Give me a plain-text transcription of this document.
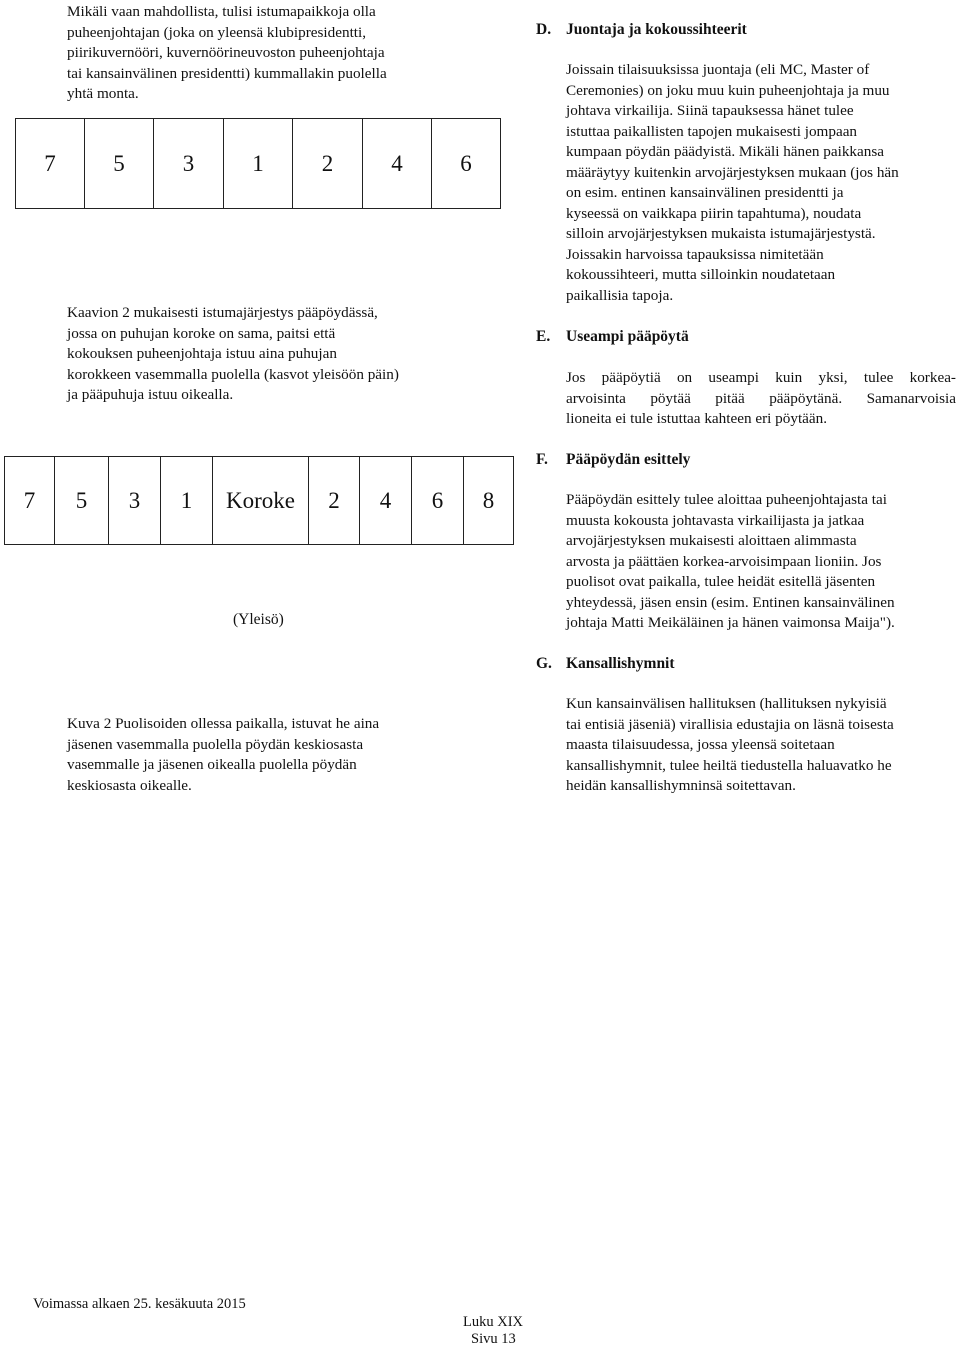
Mikäli vaan mahdollista, tulisi istumapaikkoja olla
puheenjohtajan (joka on yleensä klubipresidentti,
piirikuvernööri, kuvernöörineuvoston puheenjohtaja
tai kansainvälinen presidentti) kummallakin puolella
yhtä monta.
7	5	3	1	2	4	6
Kaavion 2 mukaisesti istumajärjestys pääpöydässä,
jossa on puhujan koroke on sama, paitsi että
kokouksen puheenjohtaja istuu aina puhujan
korokkeen vasemmalla puolella (kasvot yleisöön päin)
ja pääpuhuja istuu oikealla.
7	5	3	1	Koroke	2	4	6	8
(Yleisö)
Kuva 2 Puolisoiden ollessa paikalla, istuvat he aina
jäsenen vasemmalla puolella pöydän keskiosasta
vasemmalle ja jäsenen oikealla puolella pöydän
keskiosasta oikealle.
D. Juontaja ja kokoussihteerit
Joissain tilaisuuksissa juontaja (eli MC, Master of
Ceremonies) on joku muu kuin puheenjohtaja ja muu
johtava virkailija. Siinä tapauksessa hänet tulee
istuttaa paikallisten tapojen mukaisesti jompaan
kumpaan pöydän päädyistä. Mikäli hänen paikkansa
määräytyy kuitenkin arvojärjestyksen mukaan (jos hän
on esim. entinen kansainvälinen presidentti ja
kyseessä on vaikkapa piirin tapahtuma), noudata
silloin arvojärjestyksen mukaista istumajärjestystä.
Joissakin harvoissa tapauksissa nimitetään
kokoussihteeri, mutta silloinkin noudatetaan
paikallisia tapoja.
E. Useampi pääpöytä
Jos pääpöytiä on useampi kuin yksi, tulee korkea-
arvoisinta pöytää pitää pääpöytänä. Samanarvoisia
lioneita ei tule istuttaa kahteen eri pöytään.
F. Pääpöydän esittely
Pääpöydän esittely tulee aloittaa puheenjohtajasta tai
muusta kokousta johtavasta virkailijasta ja jatkaa
arvojärjestyksen mukaisesti aloittaen alimmasta
arvosta ja päättäen korkea-arvoisimpaan lioniin. Jos
puolisot ovat paikalla, tulee heidät esitellä jäsenten
yhteydessä, jäsen ensin (esim. Entinen kansainvälinen
johtaja Matti Meikäläinen ja hänen vaimonsa Maija").
G. Kansallishymnit
Kun kansainvälisen hallituksen (hallituksen nykyisiä
tai entisiä jäseniä) virallisia edustajia on läsnä toisesta
maasta tilaisuudessa, jossa yleensä soitetaan
kansallishymnit, tulee heiltä tiedustella haluavatko he
heidän kansallishymninsä soitettavan.
Voimassa alkaen 25. kesäkuuta 2015
Luku XIX
Sivu 13
